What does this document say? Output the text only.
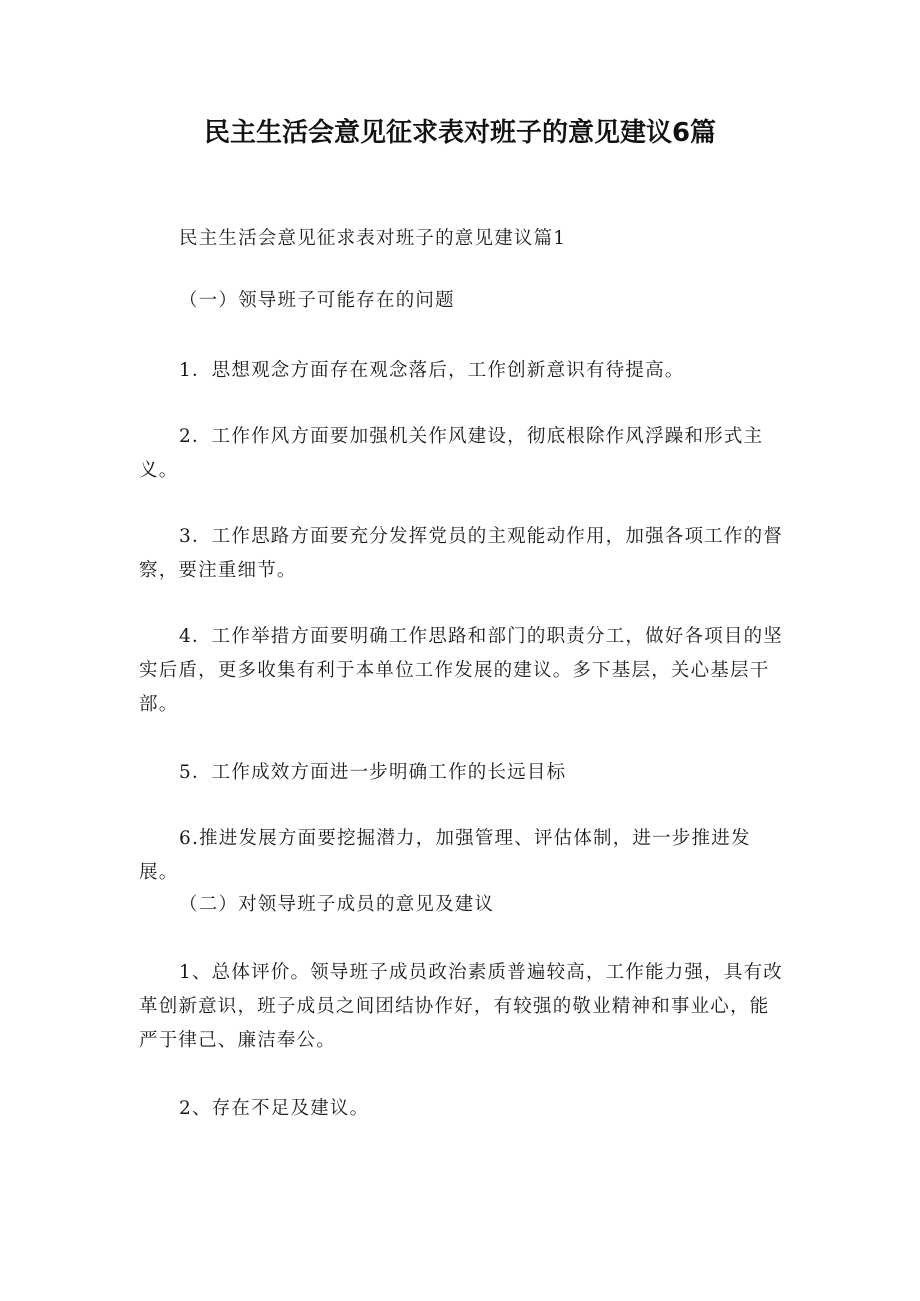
民主生活会意见征求表对班子的意见建议6篇

民主生活会意见征求表对班子的意见建议篇1

（一）领导班子可能存在的问题

1．思想观念方面存在观念落后，工作创新意识有待提高。

2．工作作风方面要加强机关作风建设，彻底根除作风浮躁和形式主义。

3．工作思路方面要充分发挥党员的主观能动作用，加强各项工作的督察，要注重细节。

4．工作举措方面要明确工作思路和部门的职责分工，做好各项目的坚实后盾，更多收集有利于本单位工作发展的建议。多下基层，关心基层干部。

5．工作成效方面进一步明确工作的长远目标

6.推进发展方面要挖掘潜力，加强管理、评估体制，进一步推进发展。

（二）对领导班子成员的意见及建议

1、总体评价。领导班子成员政治素质普遍较高，工作能力强，具有改革创新意识，班子成员之间团结协作好，有较强的敬业精神和事业心，能严于律己、廉洁奉公。

2、存在不足及建议。
